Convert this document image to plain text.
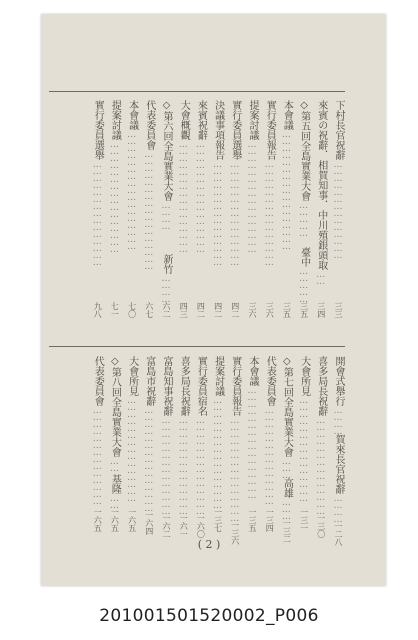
下村長官祝辭
……………………………………
三三
來賓の祝辭．相賀知事．中川殖銀頭取
……
三四
◇第五回全島實業大會
……………
臺中
……………
三五
本會議
……………………………………………
三五
實行委員報告
………………………………………
三六
提案討議
…………………………………………
三六
實行委員選舉
………………………………………
四二
決議事項報告
………………………………………
四二
來賓祝辭
…………………………………………
四二
大會概觀
…………………………………………
四三
◇第六回全島實業大會
…………
新竹
…………
六二
代表委員會
……………………………………………
六七
本會議
……………………………………………
七〇
提案討議
…………………………………………
七一
實行委員選舉
………………………………………
九八
開會式舉行
…………
賀來長官祝辭
…………
一二八
喜多局長祝辭
……………………………………
一三〇
大會所見
………………………………………
一三一
◇第七回全島實業大會
………
高雄
………
一三二
代表委員會
……………………………………
一三四
本會議
…………………………………………
一三五
實行委員報告
………………………………………
一三六
提案討議
…………………………………………
一三七
實行委員宿名
……………………………………
一六〇
喜多局長祝辭
……………………………………
一六一
富島知事祝辭
……………………………………
一六二
富島市祝辭
………………………………………
一六四
大會所見
………………………………………
一六五
◇第八回全島實業大會
……
基隆
……
一六五
代表委員會
……………………………………
一六五
( 2 )
201001501520002_P006
